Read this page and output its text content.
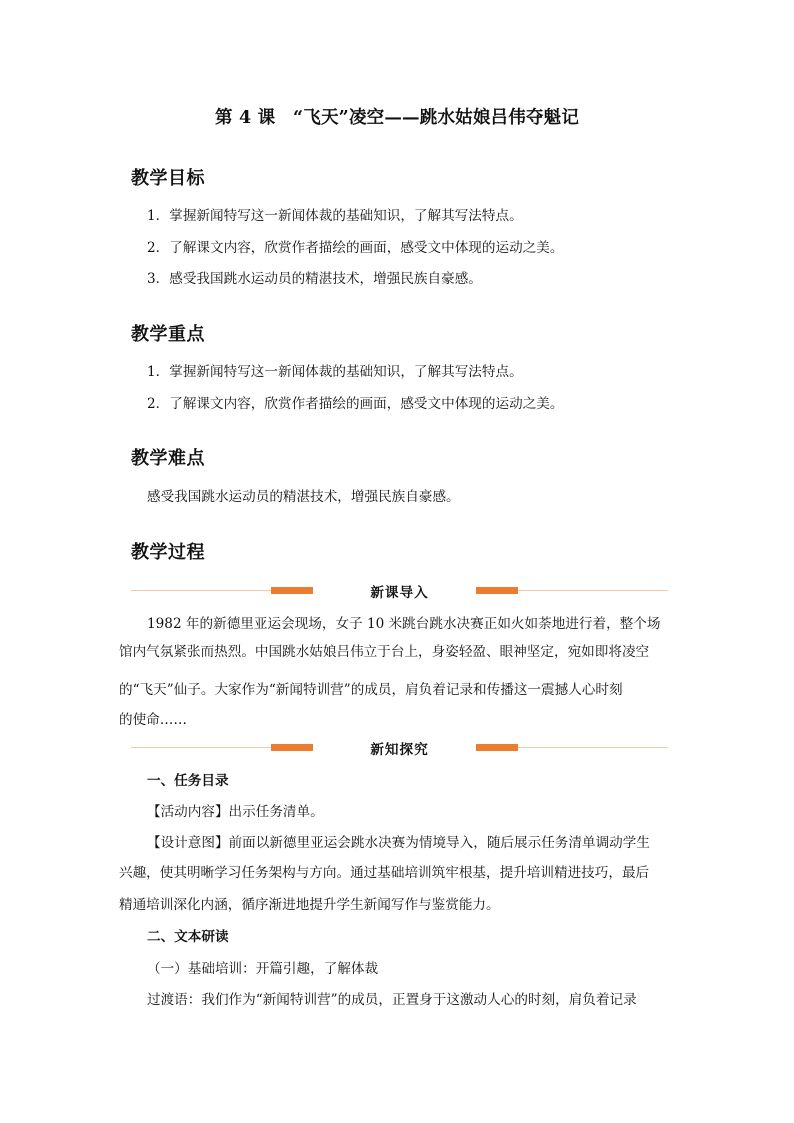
第 4 课　“飞天”凌空——跳水姑娘吕伟夺魁记
教学目标
1．掌握新闻特写这一新闻体裁的基础知识，了解其写法特点。
2．了解课文内容，欣赏作者描绘的画面，感受文中体现的运动之美。
3．感受我国跳水运动员的精湛技术，增强民族自豪感。
教学重点
1．掌握新闻特写这一新闻体裁的基础知识，了解其写法特点。
2．了解课文内容，欣赏作者描绘的画面，感受文中体现的运动之美。
教学难点
感受我国跳水运动员的精湛技术，增强民族自豪感。
教学过程
新课导入
1982 年的新德里亚运会现场，女子 10 米跳台跳水决赛正如火如荼地进行着，整个场
馆内气氛紧张而热烈。中国跳水姑娘吕伟立于台上，身姿轻盈、眼神坚定，宛如即将凌空
的“飞天”仙子。大家作为“新闻特训营”的成员，肩负着记录和传播这一震撼人心时刻
的使命……
新知探究
一、任务目录
【活动内容】出示任务清单。
【设计意图】前面以新德里亚运会跳水决赛为情境导入，随后展示任务清单调动学生
兴趣，使其明晰学习任务架构与方向。通过基础培训筑牢根基，提升培训精进技巧，最后
精通培训深化内涵，循序渐进地提升学生新闻写作与鉴赏能力。
二、文本研读
（一）基础培训：开篇引趣，了解体裁
过渡语：我们作为“新闻特训营”的成员，正置身于这激动人心的时刻，肩负着记录
